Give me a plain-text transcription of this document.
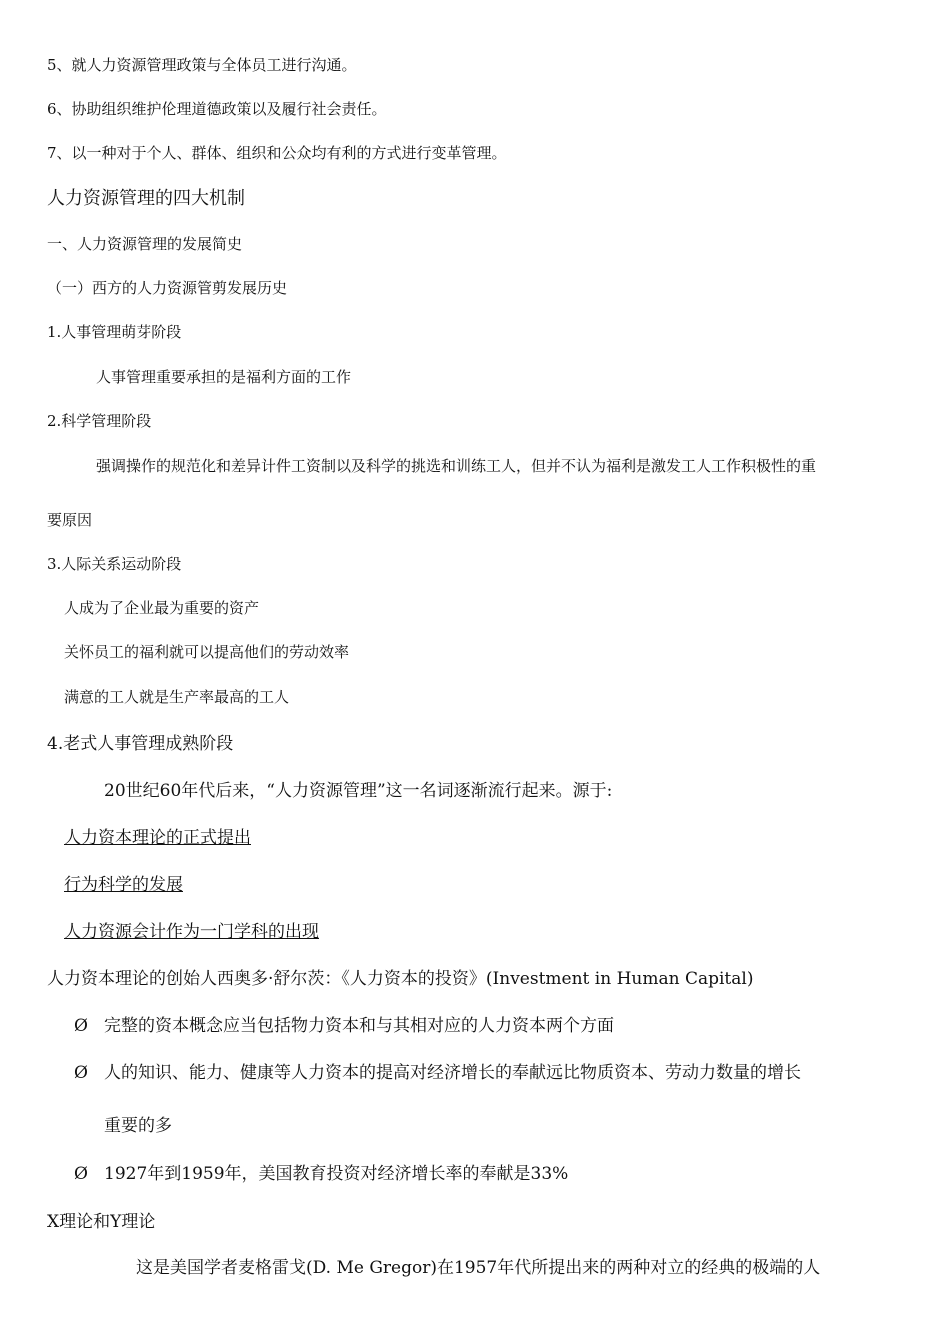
5、就人力资源管理政策与全体员工进行沟通。
6、协助组织维护伦理道德政策以及履行社会责任。
7、以一种对于个人、群体、组织和公众均有利的方式进行变革管理。
人力资源管理的四大机制
一、人力资源管理的发展简史
（一）西方的人力资源管剪发展历史
1.人事管理萌芽阶段
人事管理重要承担的是福利方面的工作
2.科学管理阶段
强调操作的规范化和差异计件工资制以及科学的挑选和训练工人，但并不认为福利是激发工人工作积极性的重
要原因
3.人际关系运动阶段
人成为了企业最为重要的资产
关怀员工的福利就可以提高他们的劳动效率
满意的工人就是生产率最高的工人
4.老式人事管理成熟阶段
20世纪60年代后来，“人力资源管理”这一名词逐渐流行起来。源于:
人力资本理论的正式提出
行为科学的发展
人力资源会计作为一门学科的出现
人力资本理论的创始人西奥多·舒尔茨：《人力资本的投资》(Investment in Human Capital)
Ø 完整的资本概念应当包括物力资本和与其相对应的人力资本两个方面
Ø 人的知识、能力、健康等人力资本的提高对经济增长的奉献远比物质资本、劳动力数量的增长
重要的多
Ø 1927年到1959年，美国教育投资对经济增长率的奉献是33%
X理论和Y理论
这是美国学者麦格雷戈(D. Me Gregor)在1957年代所提出来的两种对立的经典的极端的人
